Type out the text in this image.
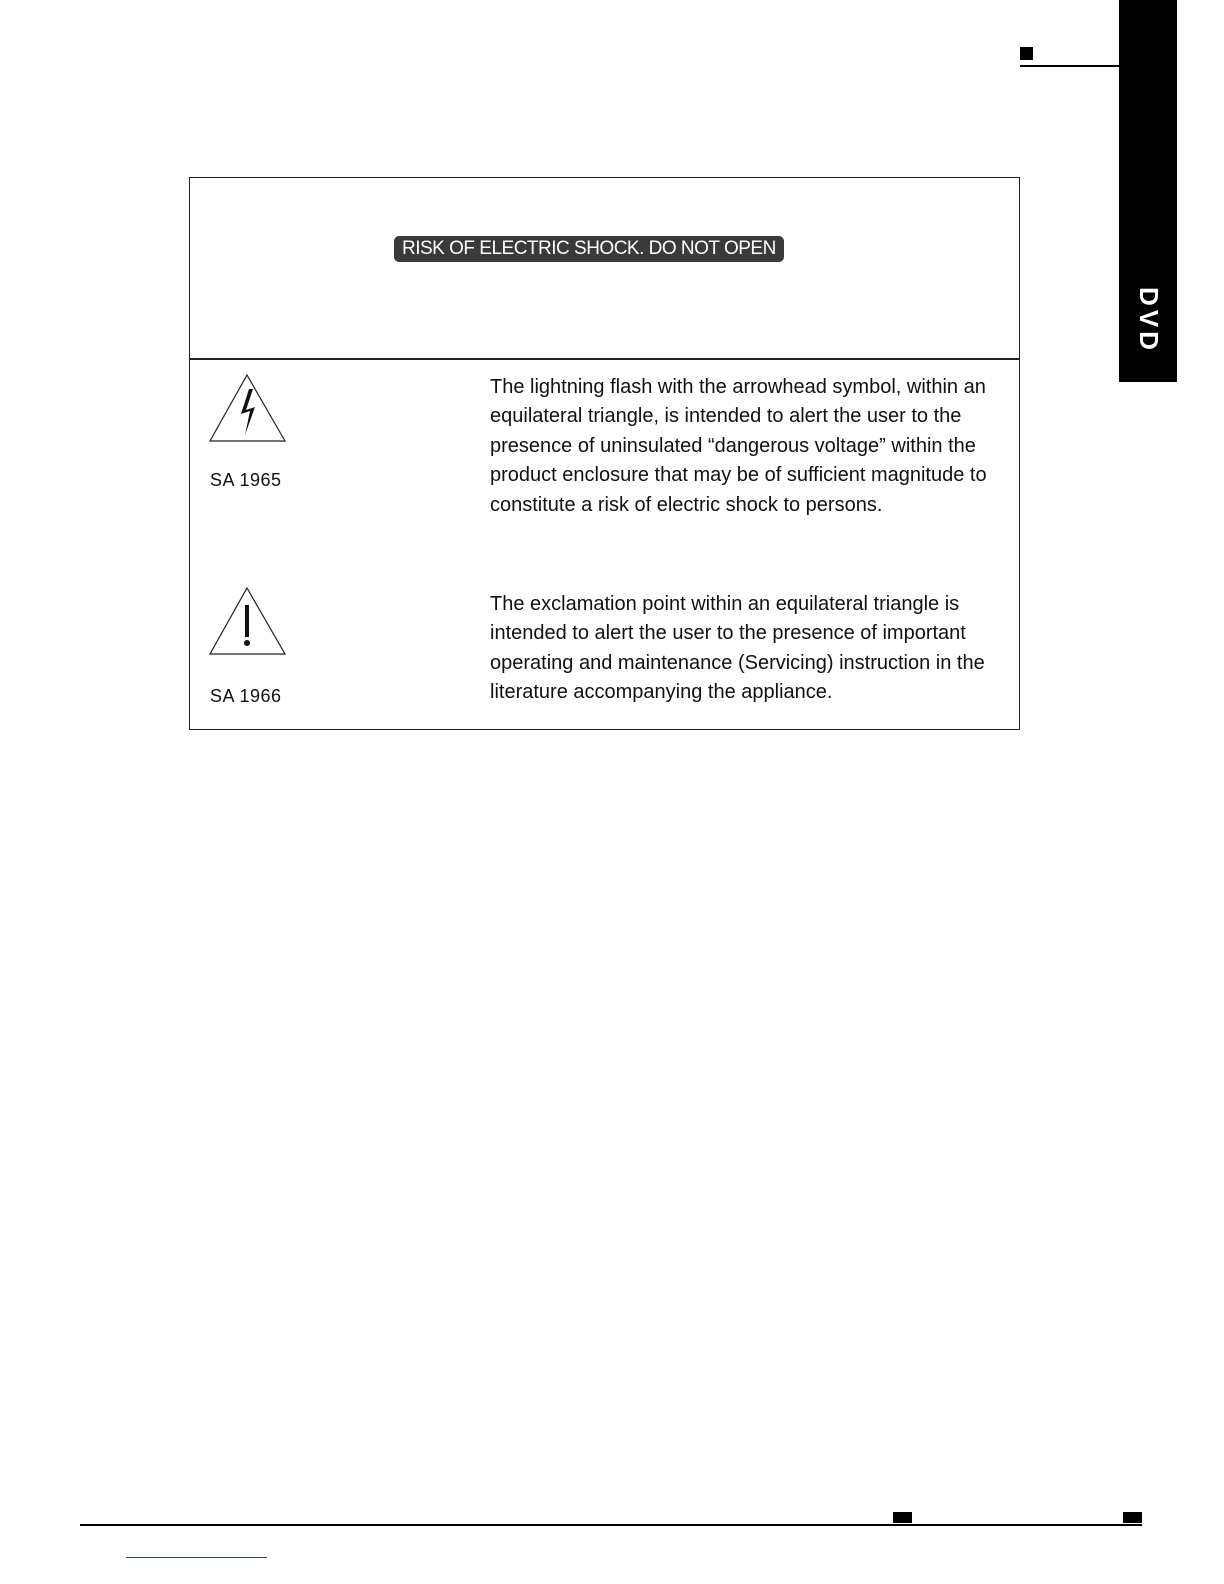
DVD
RISK OF ELECTRIC SHOCK. DO NOT OPEN
SA 1965
The lightning flash with the arrowhead symbol, within an equilateral triangle, is intended to alert the user to the presence of uninsulated “dangerous voltage” within the product enclosure that may be of sufficient magnitude to constitute a risk of electric shock to persons.
SA 1966
The exclamation point within an equilateral triangle is intended to alert the user to the presence of important operating and maintenance (Servicing) instruction in the literature accompanying the appliance.
